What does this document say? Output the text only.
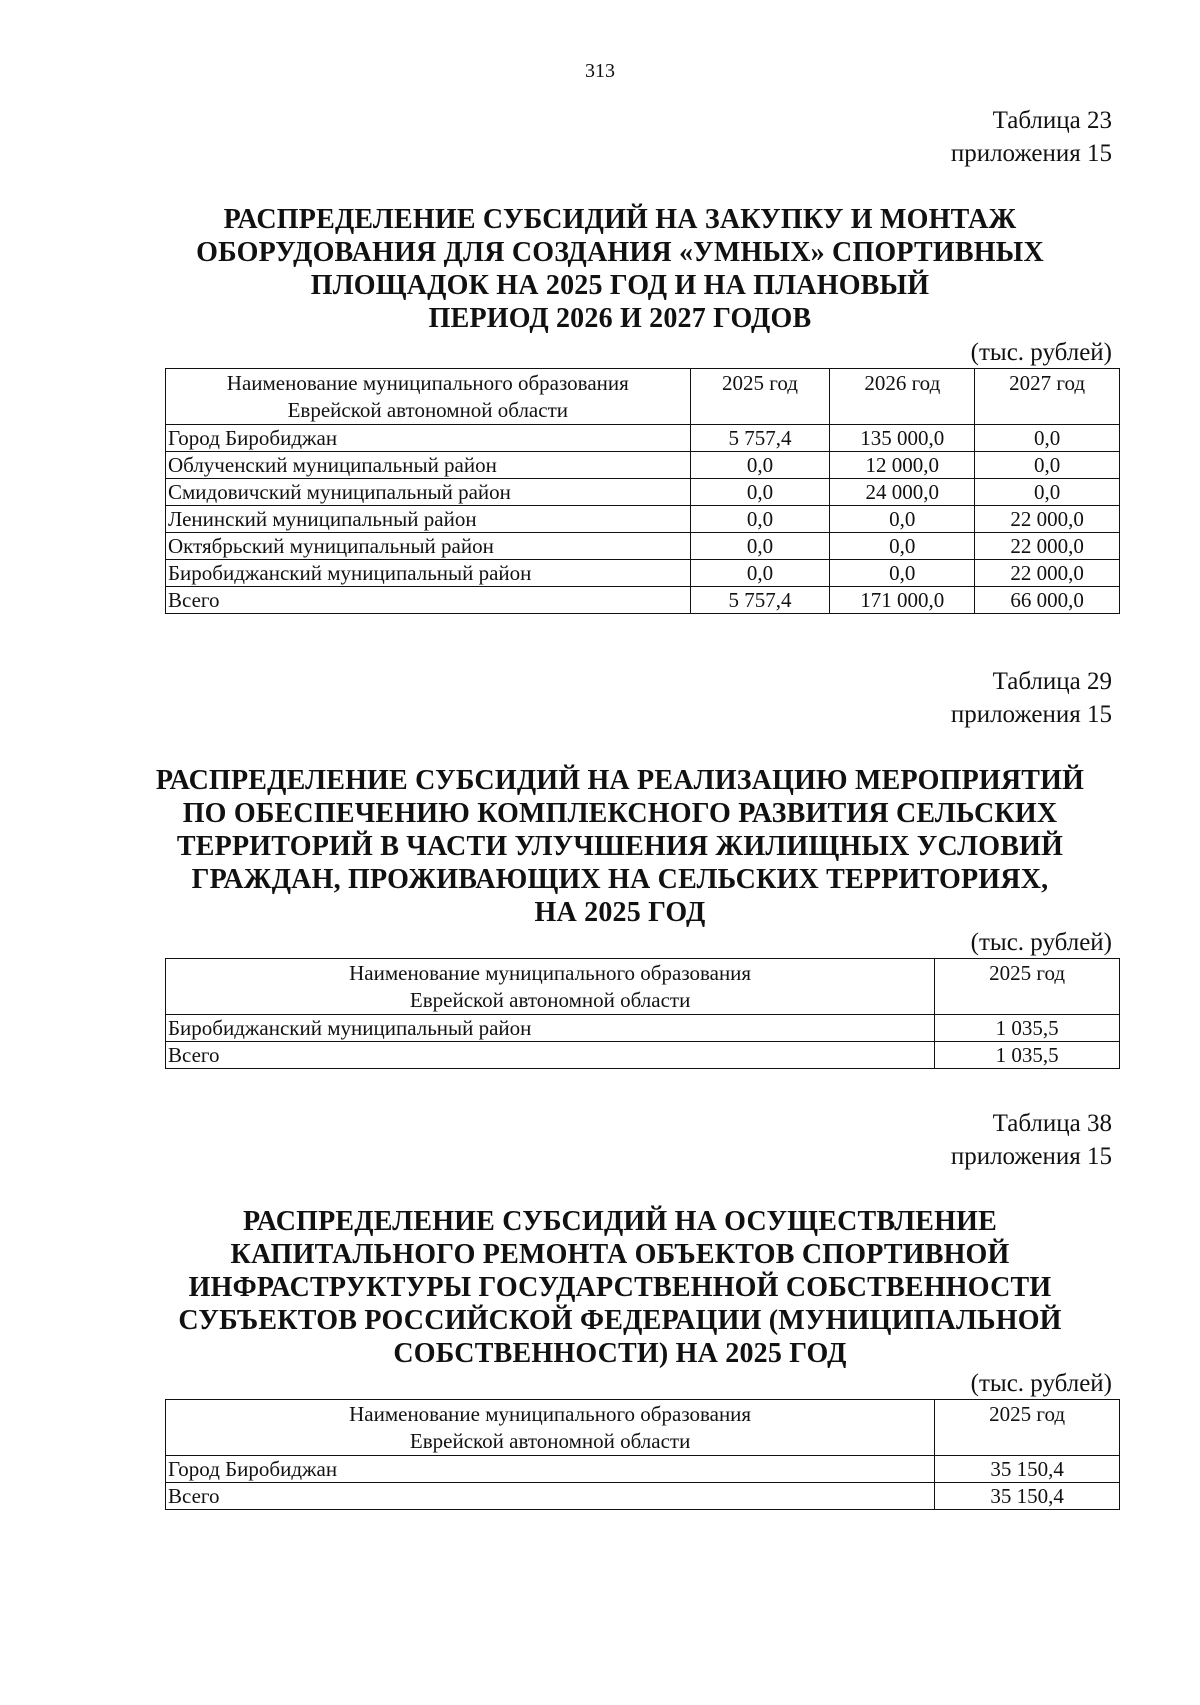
313
Таблица 23
приложения 15
РАСПРЕДЕЛЕНИЕ СУБСИДИЙ НА ЗАКУПКУ И МОНТАЖ
ОБОРУДОВАНИЯ ДЛЯ СОЗДАНИЯ «УМНЫХ» СПОРТИВНЫХ
ПЛОЩАДОК НА 2025 ГОД И НА ПЛАНОВЫЙ
ПЕРИОД 2026 И 2027 ГОДОВ
(тыс. рублей)
Наименование муниципального образования
Еврейской автономной области	2025 год	2026 год	2027 год
Город Биробиджан	5 757,4	135 000,0	0,0
Облученский муниципальный район	0,0	12 000,0	0,0
Смидовичский муниципальный район	0,0	24 000,0	0,0
Ленинский муниципальный район	0,0	0,0	22 000,0
Октябрьский муниципальный район	0,0	0,0	22 000,0
Биробиджанский муниципальный район	0,0	0,0	22 000,0
Всего	5 757,4	171 000,0	66 000,0
Таблица 29
приложения 15
РАСПРЕДЕЛЕНИЕ СУБСИДИЙ НА РЕАЛИЗАЦИЮ МЕРОПРИЯТИЙ
ПО ОБЕСПЕЧЕНИЮ КОМПЛЕКСНОГО РАЗВИТИЯ СЕЛЬСКИХ
ТЕРРИТОРИЙ В ЧАСТИ УЛУЧШЕНИЯ ЖИЛИЩНЫХ УСЛОВИЙ
ГРАЖДАН, ПРОЖИВАЮЩИХ НА СЕЛЬСКИХ ТЕРРИТОРИЯХ,
НА 2025 ГОД
(тыс. рублей)
Наименование муниципального образования
Еврейской автономной области	2025 год
Биробиджанский муниципальный район	1 035,5
Всего	1 035,5
Таблица 38
приложения 15
РАСПРЕДЕЛЕНИЕ СУБСИДИЙ НА ОСУЩЕСТВЛЕНИЕ
КАПИТАЛЬНОГО РЕМОНТА ОБЪЕКТОВ СПОРТИВНОЙ
ИНФРАСТРУКТУРЫ ГОСУДАРСТВЕННОЙ СОБСТВЕННОСТИ
СУБЪЕКТОВ РОССИЙСКОЙ ФЕДЕРАЦИИ (МУНИЦИПАЛЬНОЙ
СОБСТВЕННОСТИ) НА 2025 ГОД
(тыс. рублей)
Наименование муниципального образования
Еврейской автономной области	2025 год
Город Биробиджан	35 150,4
Всего	35 150,4
